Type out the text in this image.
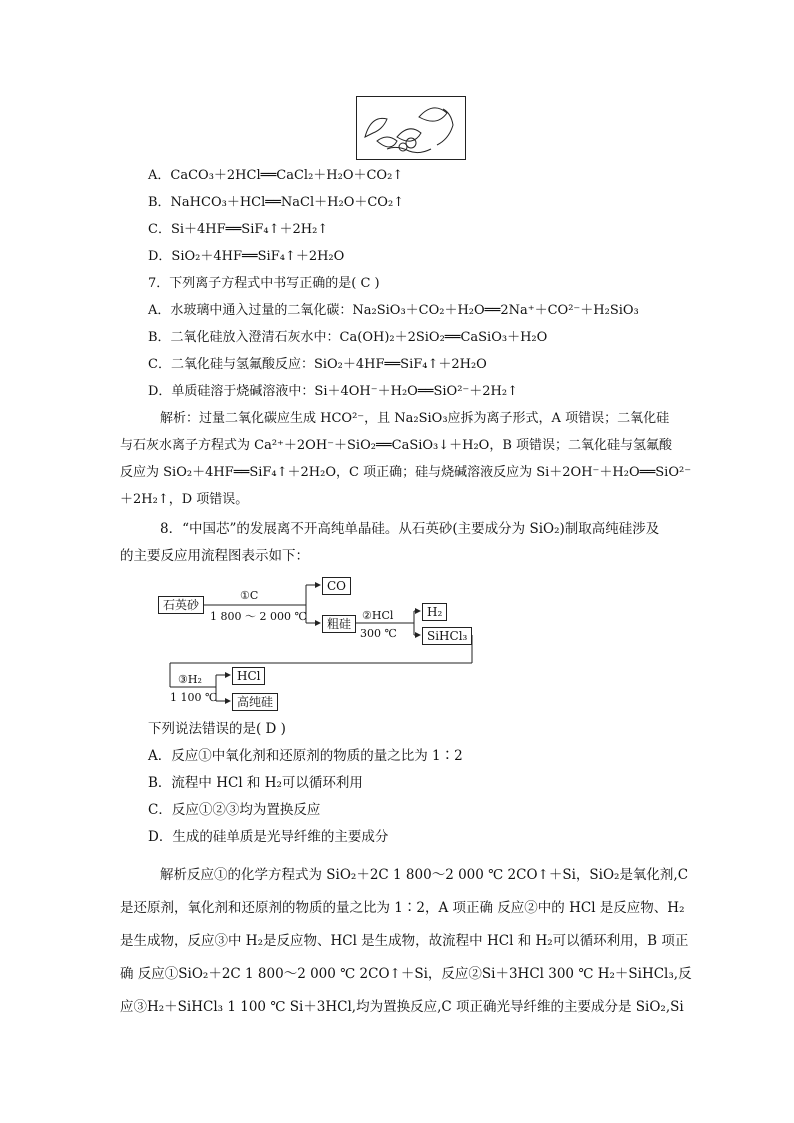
A．CaCO₃＋2HCl══CaCl₂＋H₂O＋CO₂↑
B．NaHCO₃＋HCl══NaCl＋H₂O＋CO₂↑
C．Si＋4HF══SiF₄↑＋2H₂↑
D．SiO₂＋4HF══SiF₄↑＋2H₂O
7．下列离子方程式中书写正确的是( C )
A．水玻璃中通入过量的二氧化碳：Na₂SiO₃＋CO₂＋H₂O══2Na⁺＋CO²⁻＋H₂SiO₃
B．二氧化硅放入澄清石灰水中：Ca(OH)₂＋2SiO₂══CaSiO₃＋H₂O
C．二氧化硅与氢氟酸反应：SiO₂＋4HF══SiF₄↑＋2H₂O
D．单质硅溶于烧碱溶液中：Si＋4OH⁻＋H₂O══SiO²⁻＋2H₂↑
解析：过量二氧化碳应生成 HCO²⁻，且 Na₂SiO₃应拆为离子形式，A 项错误；二氧化硅
与石灰水离子方程式为 Ca²⁺＋2OH⁻＋SiO₂══CaSiO₃↓＋H₂O，B 项错误；二氧化硅与氢氟酸
反应为 SiO₂＋4HF══SiF₄↑＋2H₂O，C 项正确；硅与烧碱溶液反应为 Si＋2OH⁻＋H₂O══SiO²⁻
＋2H₂↑，D 项错误。
8．“中国芯”的发展离不开高纯单晶硅。从石英砂(主要成分为 SiO₂)制取高纯硅涉及
的主要反应用流程图表示如下：
石英砂
①C
1 800 ～ 2 000 ℃
CO
粗硅
②HCl
300 ℃
H₂
SiHCl₃
③H₂
1 100 ℃
HCl
高纯硅
下列说法错误的是( D )
A．反应①中氧化剂和还原剂的物质的量之比为 1∶2
B．流程中 HCl 和 H₂可以循环利用
C．反应①②③均为置换反应
D．生成的硅单质是光导纤维的主要成分
解析反应①的化学方程式为 SiO₂＋2C 1 800～2 000 ℃ 2CO↑＋Si，SiO₂是氧化剂,C
是还原剂，氧化剂和还原剂的物质的量之比为 1∶2，A 项正确 反应②中的 HCl 是反应物、H₂
是生成物，反应③中 H₂是反应物、HCl 是生成物，故流程中 HCl 和 H₂可以循环利用，B 项正
确 反应①SiO₂＋2C 1 800～2 000 ℃ 2CO↑＋Si，反应②Si＋3HCl 300 ℃ H₂＋SiHCl₃,反
应③H₂＋SiHCl₃ 1 100 ℃ Si＋3HCl,均为置换反应,C 项正确光导纤维的主要成分是 SiO₂,Si
